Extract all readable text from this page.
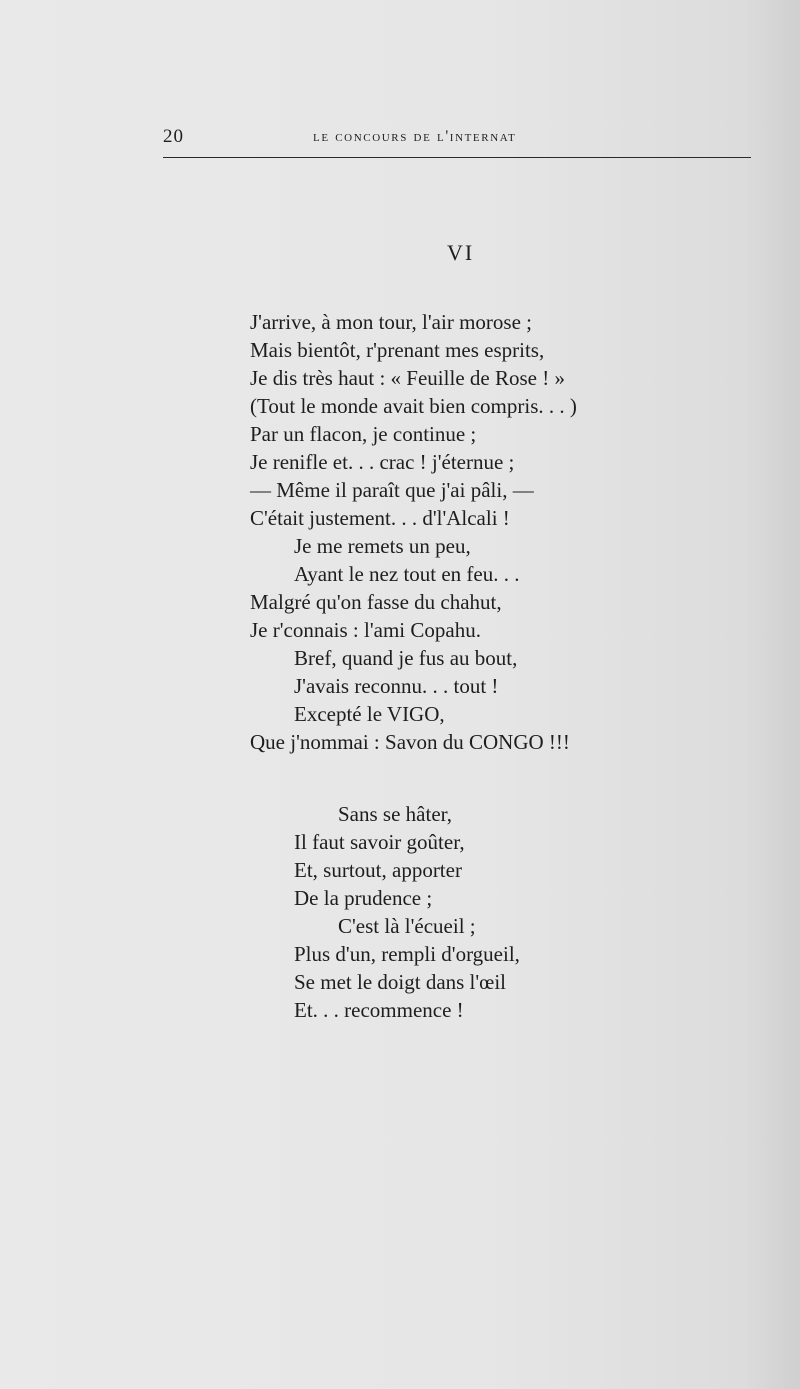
20	le concours de l'internat
VI
J'arrive, à mon tour, l'air morose ;
Mais bientôt, r'prenant mes esprits,
Je dis très haut : « Feuille de Rose ! »
(Tout le monde avait bien compris. . . )
Par un flacon, je continue ;
Je renifle et. . . crac ! j'éternue ;
— Même il paraît que j'ai pâli, —
C'était justement. . . d'l'Alcali !
Je me remets un peu,
Ayant le nez tout en feu. . .
Malgré qu'on fasse du chahut,
Je r'connais : l'ami Copahu.
Bref, quand je fus au bout,
J'avais reconnu. . . tout !
Excepté le VIGO,
Que j'nommai : Savon du CONGO !!!
Sans se hâter,
Il faut savoir goûter,
Et, surtout, apporter
De la prudence ;
C'est là l'écueil ;
Plus d'un, rempli d'orgueil,
Se met le doigt dans l'œil
Et. . . recommence !
